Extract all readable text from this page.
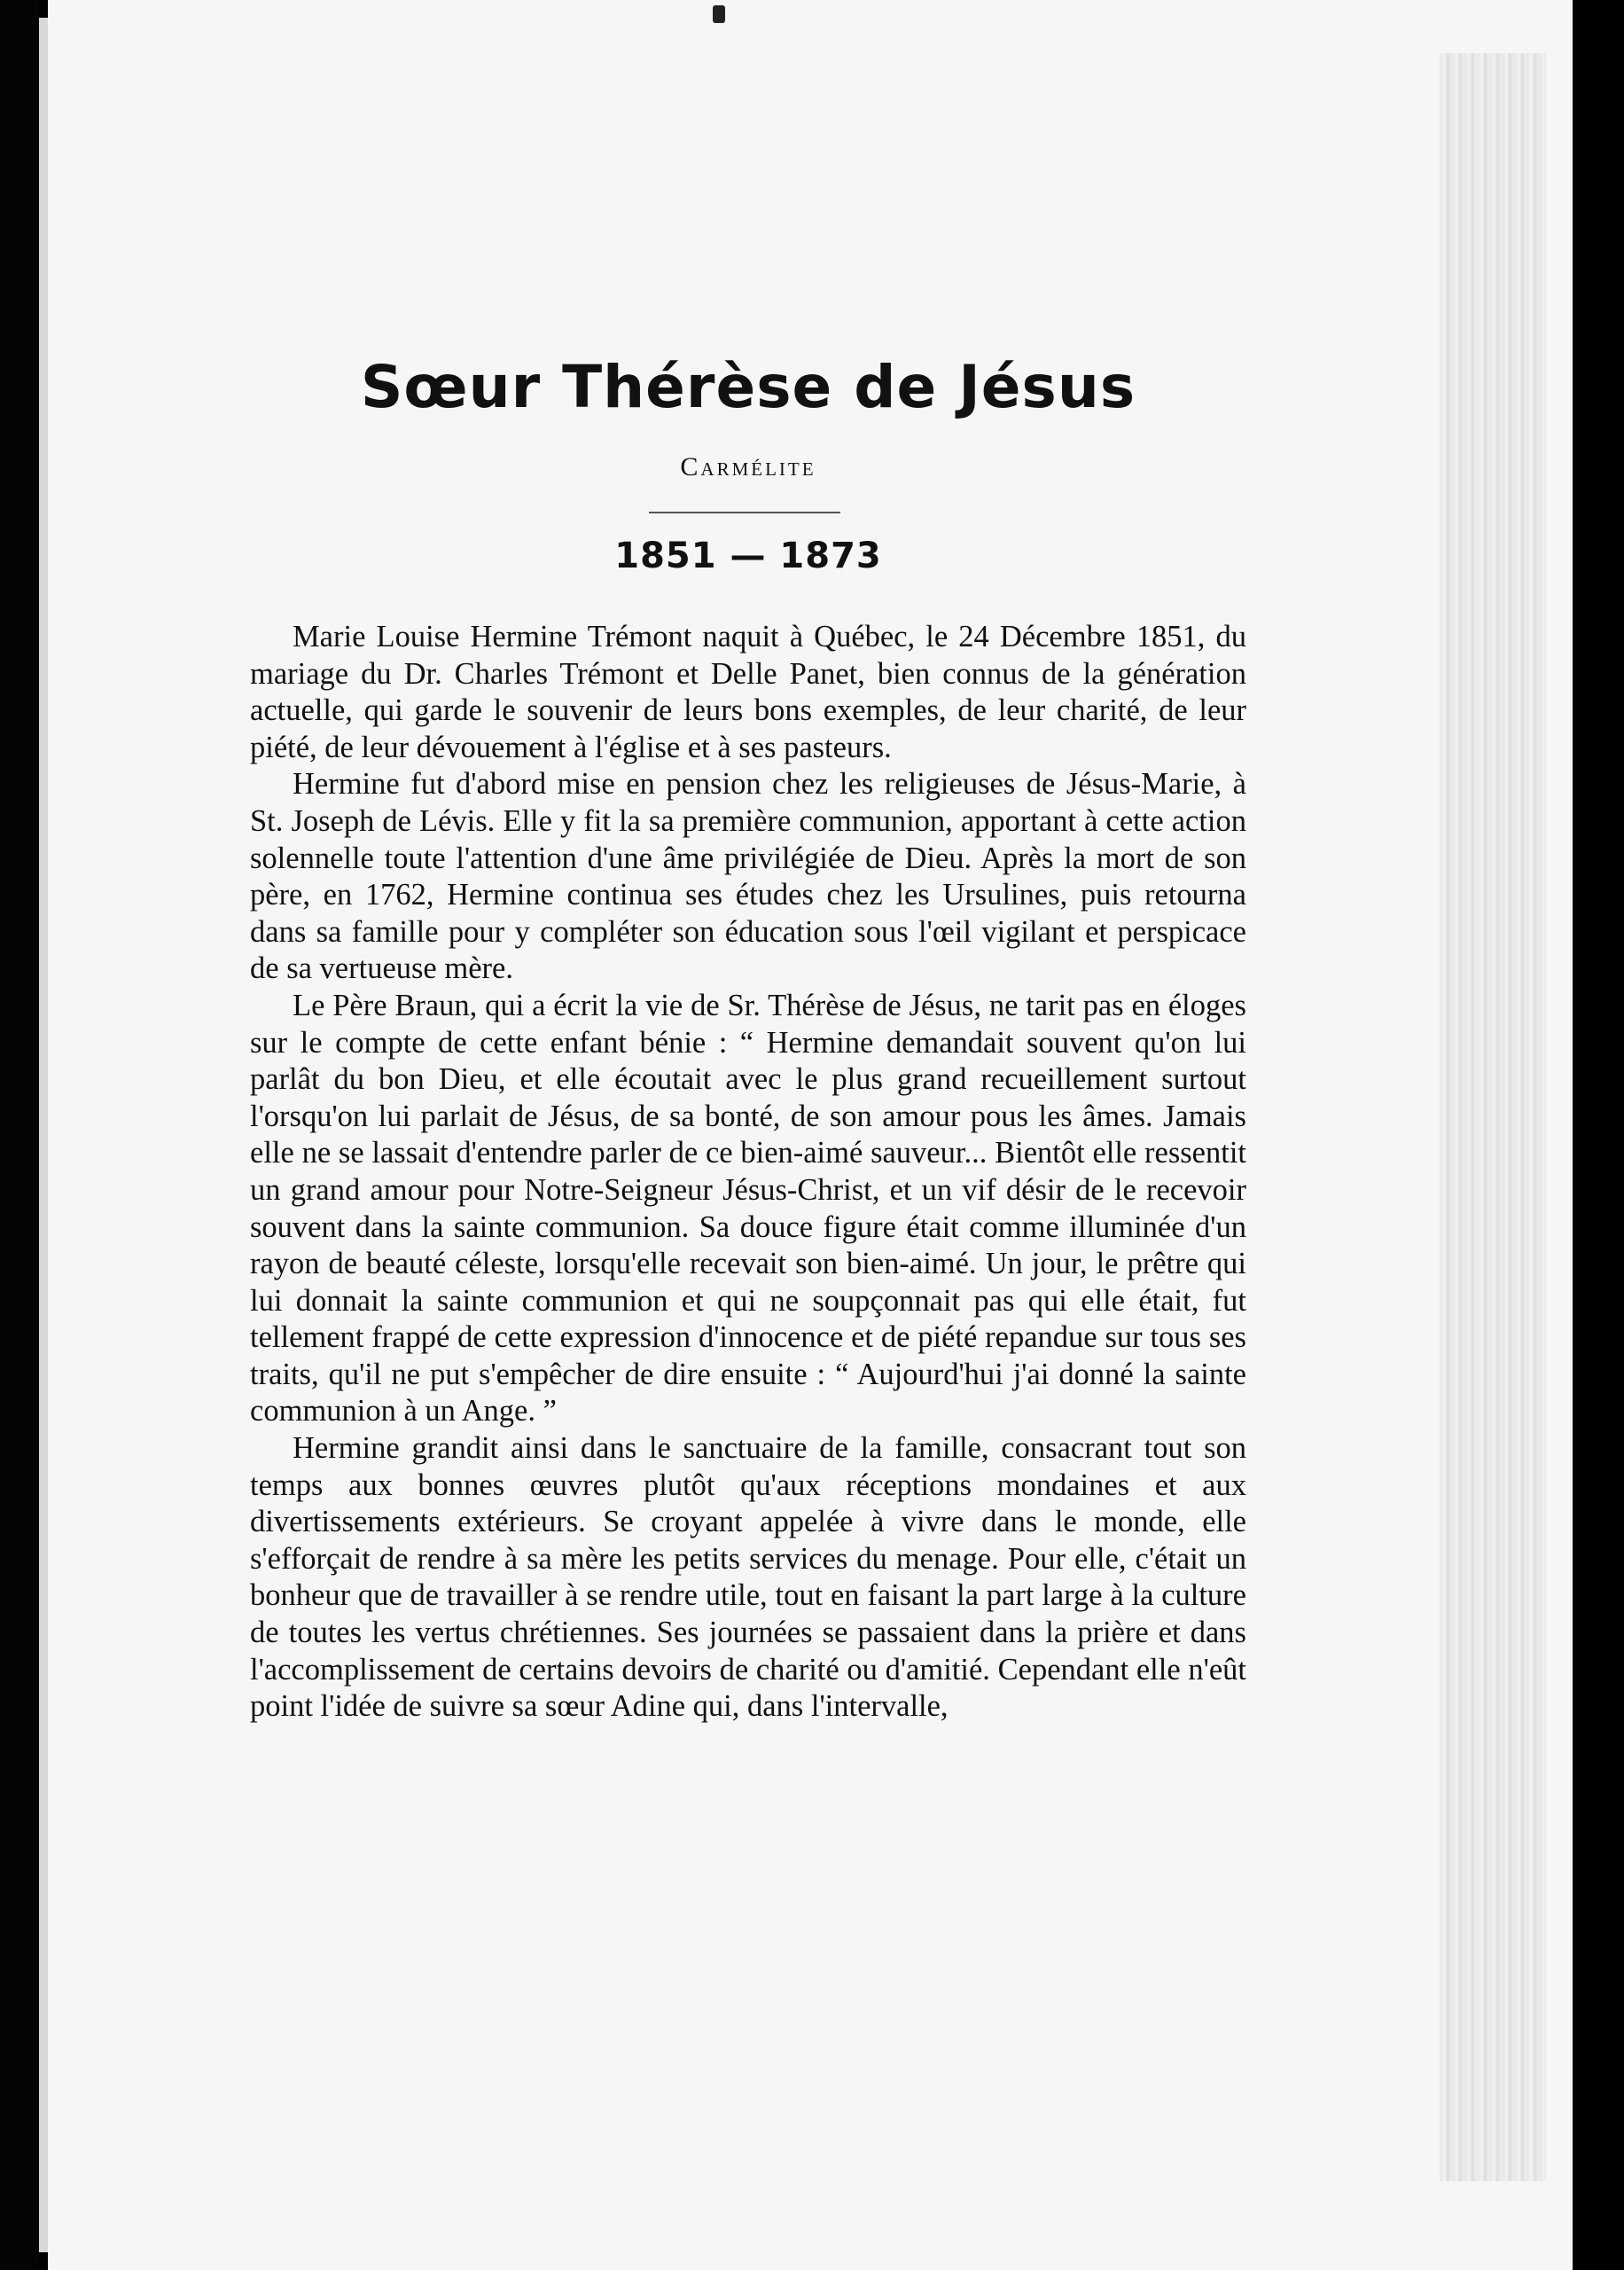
Sœur Thérèse de Jésus
Carmélite
1851 — 1873

Marie Louise Hermine Trémont naquit à Québec, le 24 Décembre 1851, du mariage du Dr. Charles Trémont et Delle Panet, bien connus de la génération actuelle, qui garde le souvenir de leurs bons exemples, de leur charité, de leur piété, de leur dévouement à l'église et à ses pasteurs.

Hermine fut d'abord mise en pension chez les religieuses de Jésus-Marie, à St. Joseph de Lévis. Elle y fit la sa première communion, apportant à cette action solennelle toute l'attention d'une âme privilégiée de Dieu. Après la mort de son père, en 1762, Hermine continua ses études chez les Ursulines, puis retourna dans sa famille pour y compléter son éducation sous l'œil vigilant et perspicace de sa vertueuse mère.

Le Père Braun, qui a écrit la vie de Sr. Thérèse de Jésus, ne tarit pas en éloges sur le compte de cette enfant bénie : “ Hermine demandait souvent qu'on lui parlât du bon Dieu, et elle écoutait avec le plus grand recueillement surtout l'orsqu'on lui parlait de Jésus, de sa bonté, de son amour pous les âmes. Jamais elle ne se lassait d'entendre parler de ce bien-aimé sauveur... Bientôt elle ressentit un grand amour pour Notre-Seigneur Jésus-Christ, et un vif désir de le recevoir souvent dans la sainte communion. Sa douce figure était comme illuminée d'un rayon de beauté céleste, lorsqu'elle recevait son bien-aimé. Un jour, le prêtre qui lui donnait la sainte communion et qui ne soupçonnait pas qui elle était, fut tellement frappé de cette expression d'innocence et de piété repandue sur tous ses traits, qu'il ne put s'empêcher de dire ensuite : “ Aujourd'hui j'ai donné la sainte communion à un Ange. ”

Hermine grandit ainsi dans le sanctuaire de la famille, consacrant tout son temps aux bonnes œuvres plutôt qu'aux réceptions mondaines et aux divertissements extérieurs. Se croyant appelée à vivre dans le monde, elle s'efforçait de rendre à sa mère les petits services du menage. Pour elle, c'était un bonheur que de travailler à se rendre utile, tout en faisant la part large à la culture de toutes les vertus chrétiennes. Ses journées se passaient dans la prière et dans l'accomplissement de certains devoirs de charité ou d'amitié. Cependant elle n'eût point l'idée de suivre sa sœur Adine qui, dans l'intervalle,
